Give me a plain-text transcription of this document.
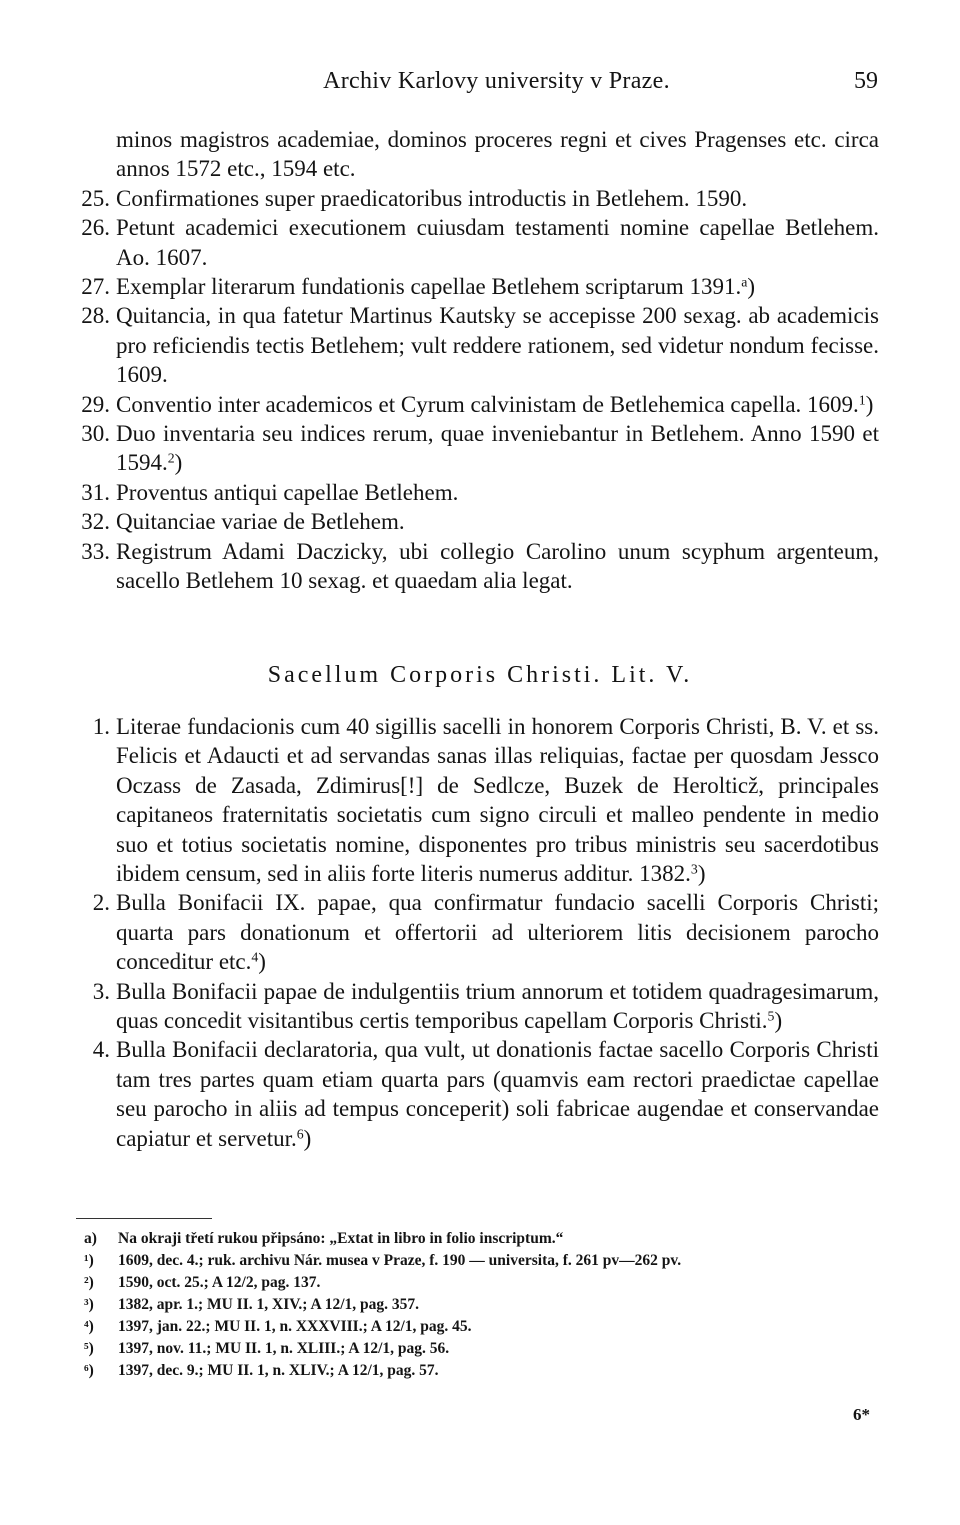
Archiv Karlovy university v Praze.	59
minos magistros academiae, dominos proceres regni et cives Pragenses etc. circa annos 1572 etc., 1594 etc.
25. Confirmationes super praedicatoribus introductis in Betlehem. 1590.
26. Petunt academici executionem cuiusdam testamenti nomine capellae Betlehem. Ao. 1607.
27. Exemplar literarum fundationis capellae Betlehem scriptarum 1391.$^a$)
28. Quitancia, in qua fatetur Martinus Kautsky se accepisse 200 sexag. ab academicis pro reficiendis tectis Betlehem; vult reddere rationem, sed videtur nondum fecisse. 1609.
29. Conventio inter academicos et Cyrum calvinistam de Betlehemica capella. 1609.$^1$)
30. Duo inventaria seu indices rerum, quae inveniebantur in Betlehem. Anno 1590 et 1594.$^2$)
31. Proventus antiqui capellae Betlehem.
32. Quitanciae variae de Betlehem.
33. Registrum Adami Daczicky, ubi collegio Carolino unum scyphum argenteum, sacello Betlehem 10 sexag. et quaedam alia legat.
Sacellum Corporis Christi. Lit. V.
1. Literae fundacionis cum 40 sigillis sacelli in honorem Corporis Christi, B. V. et ss. Felicis et Adaucti et ad servandas sanas illas reliquias, factae per quosdam Jessco Oczass de Zasada, Zdimirus[!] de Sedlcze, Buzek de Herolticž, principales capitaneos fraternitatis societatis cum signo circuli et malleo pendente in medio suo et totius societatis nomine, disponentes pro tribus ministris seu sacerdotibus ibidem censum, sed in aliis forte literis numerus additur. 1382.$^3$)
2. Bulla Bonifacii IX. papae, qua confirmatur fundacio sacelli Corporis Christi; quarta pars donationum et offertorii ad ulteriorem litis decisionem parocho conceditur etc.$^4$)
3. Bulla Bonifacii papae de indulgentiis trium annorum et totidem quadragesimarum, quas concedit visitantibus certis temporibus capellam Corporis Christi.$^5$)
4. Bulla Bonifacii declaratoria, qua vult, ut donationis factae sacello Corporis Christi tam tres partes quam etiam quarta pars (quamvis eam rectori praedictae capellae seu parocho in aliis ad tempus conceperit) soli fabricae augendae et conservandae capiatur et servetur.$^6$)
a)	Na okraji třetí rukou připsáno: „Extat in libro in folio inscriptum.“
¹)	1609, dec. 4.; ruk. archivu Nár. musea v Praze, f. 190 — universita, f. 261 pv—262 pv.
²)	1590, oct. 25.; A 12/2, pag. 137.
³)	1382, apr. 1.; MU II. 1, XIV.; A 12/1, pag. 357.
⁴)	1397, jan. 22.; MU II. 1, n. XXXVIII.; A 12/1, pag. 45.
⁵)	1397, nov. 11.; MU II. 1, n. XLIII.; A 12/1, pag. 56.
⁶)	1397, dec. 9.; MU II. 1, n. XLIV.; A 12/1, pag. 57.
6*
